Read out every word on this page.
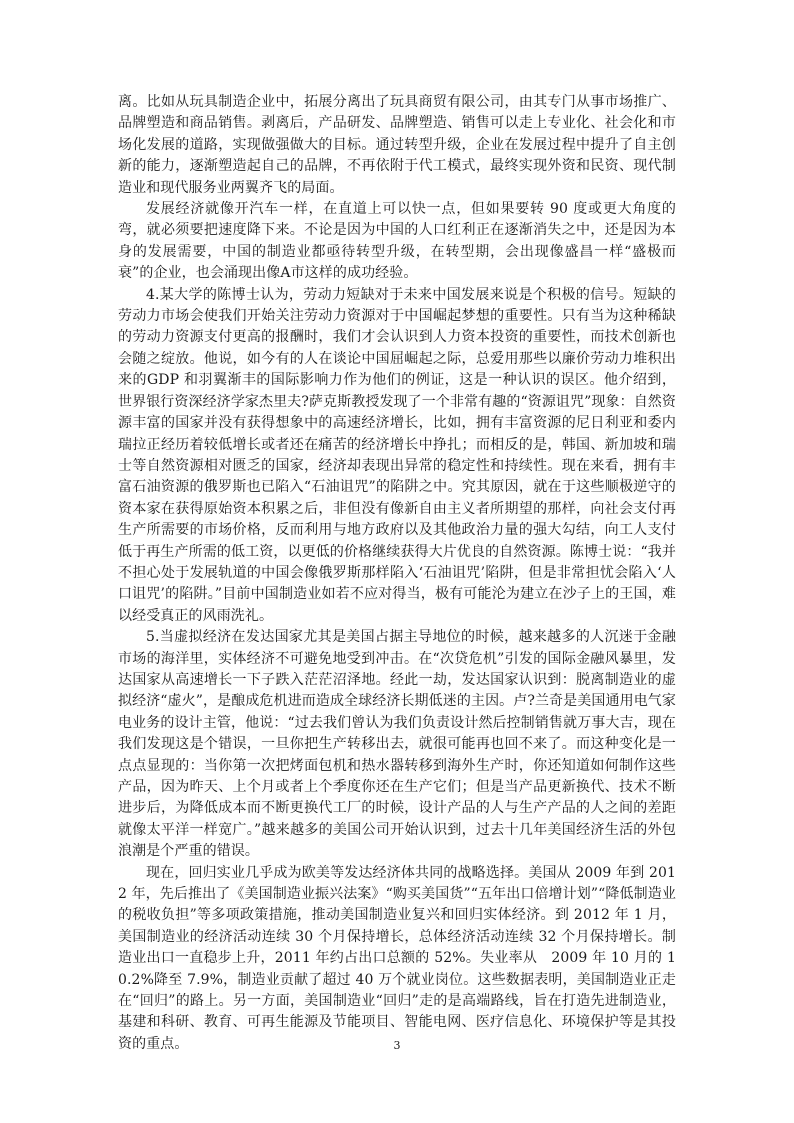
离。比如从玩具制造企业中，拓展分离出了玩具商贸有限公司，由其专门从事市场推广、品牌塑造和商品销售。剥离后，产品研发、品牌塑造、销售可以走上专业化、社会化和市场化发展的道路，实现做强做大的目标。通过转型升级，企业在发展过程中提升了自主创新的能力，逐渐塑造起自己的品牌，不再依附于代工模式，最终实现外资和民资、现代制造业和现代服务业两翼齐飞的局面。

发展经济就像开汽车一样，在直道上可以快一点，但如果要转 90 度或更大角度的弯，就必须要把速度降下来。不论是因为中国的人口红利正在逐渐消失之中，还是因为本身的发展需要，中国的制造业都亟待转型升级，在转型期，会出现像盛昌一样“盛极而衰”的企业，也会涌现出像A市这样的成功经验。

4.某大学的陈博士认为，劳动力短缺对于未来中国发展来说是个积极的信号。短缺的劳动力市场会使我们开始关注劳动力资源对于中国崛起梦想的重要性。只有当为这种稀缺的劳动力资源支付更高的报酬时，我们才会认识到人力资本投资的重要性，而技术创新也会随之绽放。他说，如今有的人在谈论中国屈崛起之际，总爱用那些以廉价劳动力堆积出来的GDP 和羽翼渐丰的国际影响力作为他们的例证，这是一种认识的误区。他介绍到，世界银行资深经济学家杰里夫?萨克斯教授发现了一个非常有趣的“资源诅咒”现象：自然资源丰富的国家并没有获得想象中的高速经济增长，比如，拥有丰富资源的尼日利亚和委内瑞拉正经历着较低增长或者还在痛苦的经济增长中挣扎；而相反的是，韩国、新加坡和瑞士等自然资源相对匮乏的国家，经济却表现出异常的稳定性和持续性。现在来看，拥有丰富石油资源的俄罗斯也已陷入“石油诅咒”的陷阱之中。究其原因，就在于这些顺极逆守的资本家在获得原始资本积累之后，非但没有像新自由主义者所期望的那样，向社会支付再生产所需要的市场价格，反而利用与地方政府以及其他政治力量的强大勾结，向工人支付低于再生产所需的低工资，以更低的价格继续获得大片优良的自然资源。陈博士说：“我并不担心处于发展轨道的中国会像俄罗斯那样陷入‘石油诅咒’陷阱，但是非常担忧会陷入‘人口诅咒’的陷阱。”目前中国制造业如若不应对得当，极有可能沦为建立在沙子上的王国，难以经受真正的风雨洗礼。

5.当虚拟经济在发达国家尤其是美国占据主导地位的时候，越来越多的人沉迷于金融市场的海洋里，实体经济不可避免地受到冲击。在“次贷危机”引发的国际金融风暴里，发达国家从高速增长一下子跌入茫茫沼泽地。经此一劫，发达国家认识到：脱离制造业的虚拟经济“虚火”，是酿成危机进而造成全球经济长期低迷的主因。卢?兰奇是美国通用电气家电业务的设计主管，他说：“过去我们曾认为我们负责设计然后控制销售就万事大吉，现在我们发现这是个错误，一旦你把生产转移出去，就很可能再也回不来了。而这种变化是一点点显现的：当你第一次把烤面包机和热水器转移到海外生产时，你还知道如何制作这些产品，因为昨天、上个月或者上个季度你还在生产它们；但是当产品更新换代、技术不断进步后，为降低成本而不断更换代工厂的时候，设计产品的人与生产产品的人之间的差距就像太平洋一样宽广。”越来越多的美国公司开始认识到，过去十几年美国经济生活的外包浪潮是个严重的错误。

现在，回归实业几乎成为欧美等发达经济体共同的战略选择。美国从 2009 年到 2012 年，先后推出了《美国制造业振兴法案》“购买美国货”“五年出口倍增计划”“降低制造业的税收负担”等多项政策措施，推动美国制造业复兴和回归实体经济。到 2012 年 1 月，美国制造业的经济活动连续 30 个月保持增长，总体经济活动连续 32 个月保持增长。制造业出口一直稳步上升，2011 年约占出口总额的 52%。失业率从　2009 年 10 月的 10.2%降至 7.9%，制造业贡献了超过 40 万个就业岗位。这些数据表明，美国制造业正走在“回归”的路上。另一方面，美国制造业“回归”走的是高端路线，旨在打造先进制造业，基建和科研、教育、可再生能源及节能项目、智能电网、医疗信息化、环境保护等是其投资的重点。	3
